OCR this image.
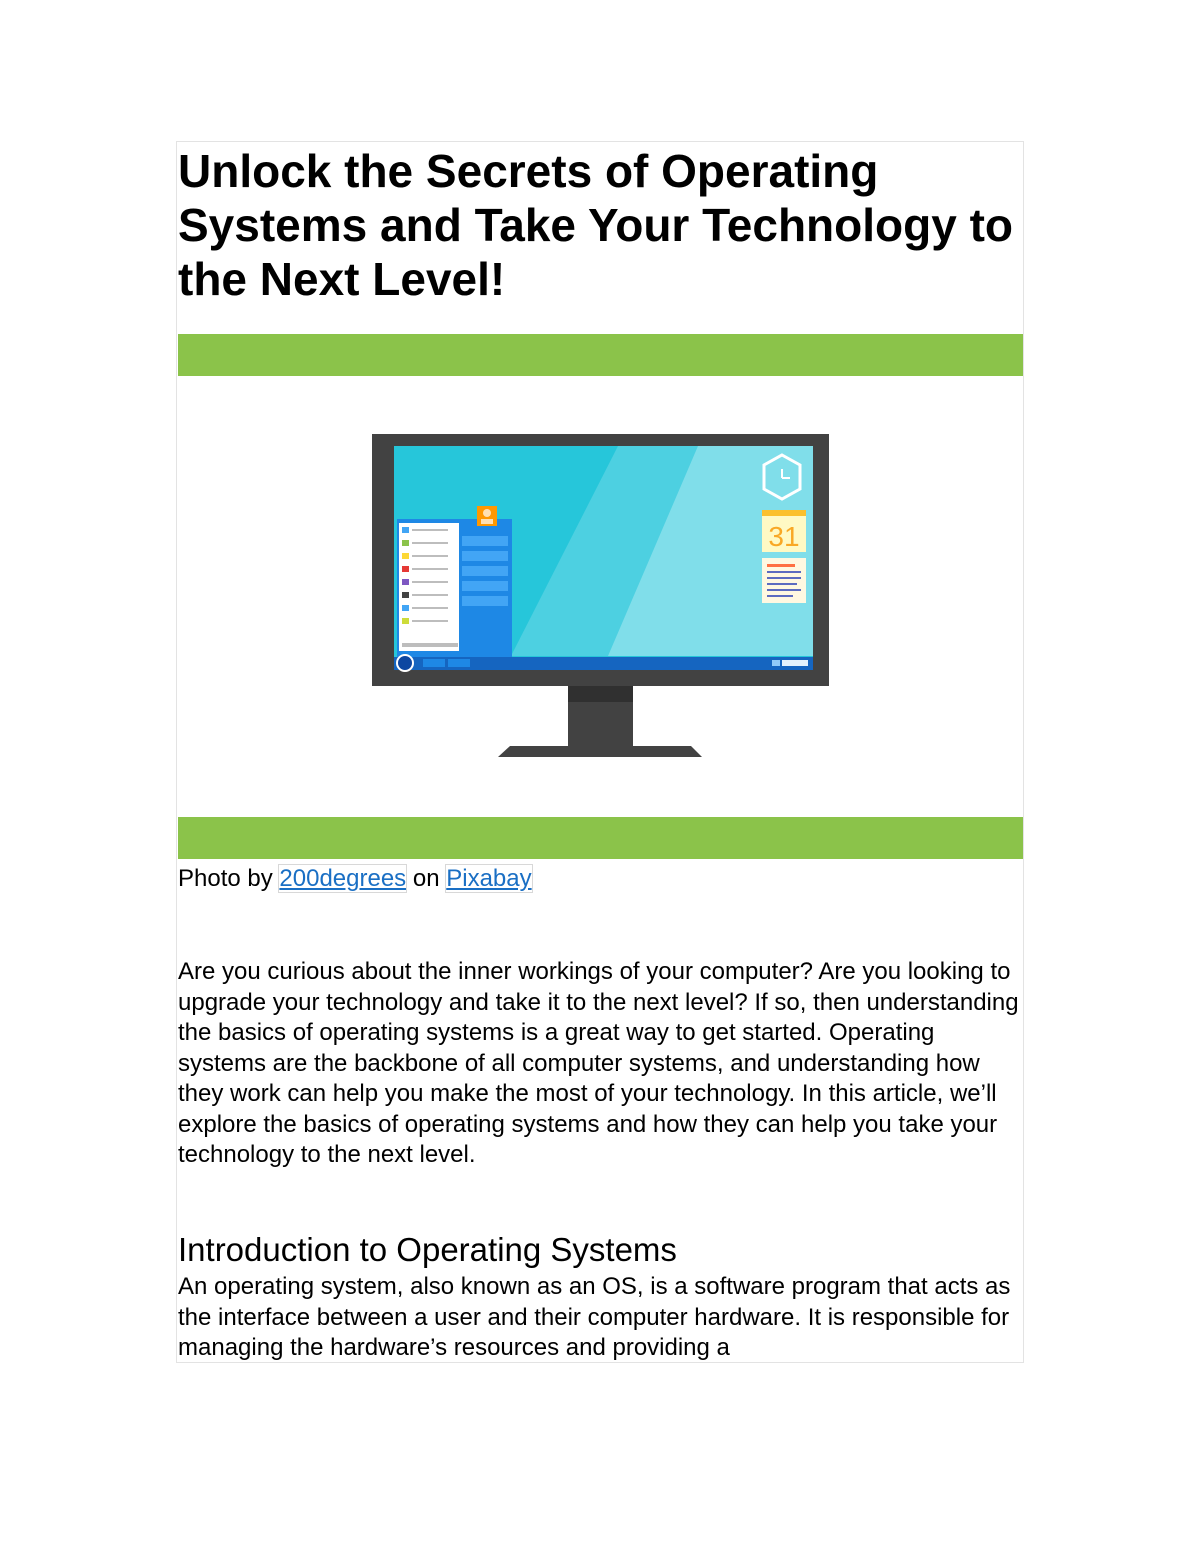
Unlock the Secrets of Operating Systems and Take Your Technology to the Next Level!
31
Photo by 200degrees on Pixabay

Are you curious about the inner workings of your computer? Are you looking to upgrade your technology and take it to the next level? If so, then understanding the basics of operating systems is a great way to get started. Operating systems are the backbone of all computer systems, and understanding how they work can help you make the most of your technology. In this article, we’ll explore the basics of operating systems and how they can help you take your technology to the next level.

Introduction to Operating Systems

An operating system, also known as an OS, is a software program that acts as the interface between a user and their computer hardware. It is responsible for managing the hardware’s resources and providing a
